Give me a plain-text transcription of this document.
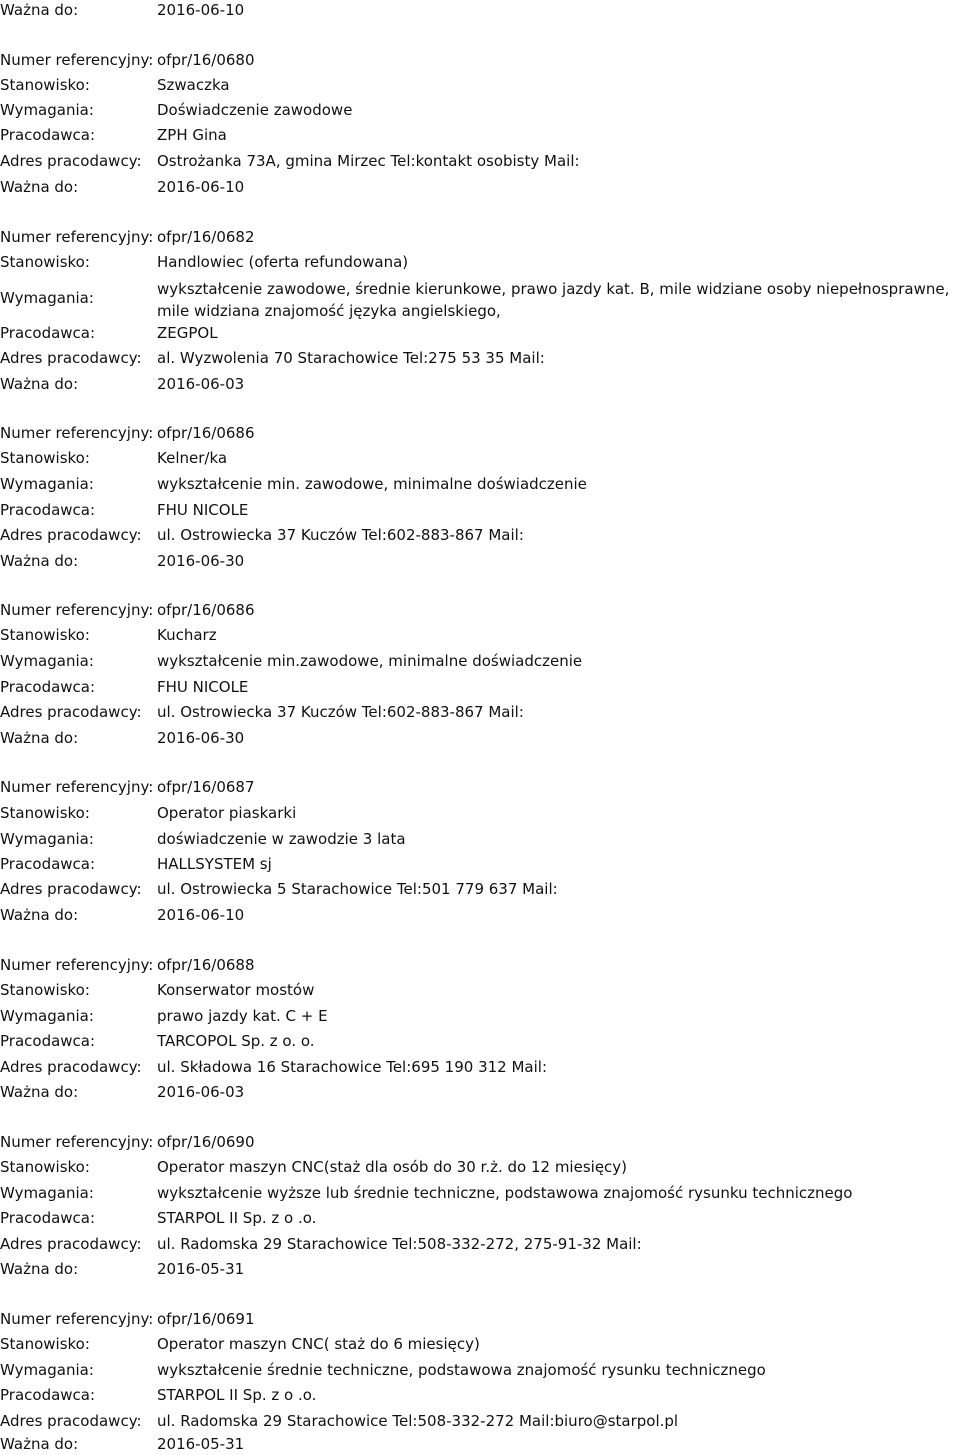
Ważna do:	2016-06-10
Numer referencyjny: ofpr/16/0680
Stanowisko:	Szwaczka
Wymagania:	Doświadczenie zawodowe
Pracodawca:	ZPH Gina
Adres pracodawcy: Ostrożanka 73A, gmina Mirzec Tel:kontakt osobisty Mail:
Ważna do:	2016-06-10
Numer referencyjny: ofpr/16/0682
Stanowisko:	Handlowiec (oferta refundowana)
Wymagania:	wykształcenie zawodowe, średnie kierunkowe, prawo jazdy kat. B, mile widziane osoby niepełnosprawne, mile widziana znajomość języka angielskiego,
Pracodawca:	ZEGPOL
Adres pracodawcy: al. Wyzwolenia 70 Starachowice Tel:275 53 35 Mail:
Ważna do:	2016-06-03
Numer referencyjny: ofpr/16/0686
Stanowisko:	Kelner/ka
Wymagania:	wykształcenie min. zawodowe, minimalne doświadczenie
Pracodawca:	FHU NICOLE
Adres pracodawcy: ul. Ostrowiecka 37 Kuczów Tel:602-883-867 Mail:
Ważna do:	2016-06-30
Numer referencyjny: ofpr/16/0686
Stanowisko:	Kucharz
Wymagania:	wykształcenie min.zawodowe, minimalne doświadczenie
Pracodawca:	FHU NICOLE
Adres pracodawcy: ul. Ostrowiecka 37 Kuczów Tel:602-883-867 Mail:
Ważna do:	2016-06-30
Numer referencyjny: ofpr/16/0687
Stanowisko:	Operator piaskarki
Wymagania:	doświadczenie w zawodzie 3 lata
Pracodawca:	HALLSYSTEM sj
Adres pracodawcy: ul. Ostrowiecka 5 Starachowice Tel:501 779 637 Mail:
Ważna do:	2016-06-10
Numer referencyjny: ofpr/16/0688
Stanowisko:	Konserwator mostów
Wymagania:	prawo jazdy kat. C + E
Pracodawca:	TARCOPOL Sp. z o. o.
Adres pracodawcy: ul. Składowa 16 Starachowice Tel:695 190 312 Mail:
Ważna do:	2016-06-03
Numer referencyjny: ofpr/16/0690
Stanowisko:	Operator maszyn CNC(staż dla osób do 30 r.ż. do 12 miesięcy)
Wymagania:	wykształcenie wyższe lub średnie techniczne, podstawowa znajomość rysunku technicznego
Pracodawca:	STARPOL II Sp. z o .o.
Adres pracodawcy: ul. Radomska 29 Starachowice Tel:508-332-272, 275-91-32 Mail:
Ważna do:	2016-05-31
Numer referencyjny: ofpr/16/0691
Stanowisko:	Operator maszyn CNC( staż do 6 miesięcy)
Wymagania:	wykształcenie średnie techniczne, podstawowa znajomość rysunku technicznego
Pracodawca:	STARPOL II Sp. z o .o.
Adres pracodawcy: ul. Radomska 29 Starachowice Tel:508-332-272 Mail:biuro@starpol.pl
Ważna do:	2016-05-31
